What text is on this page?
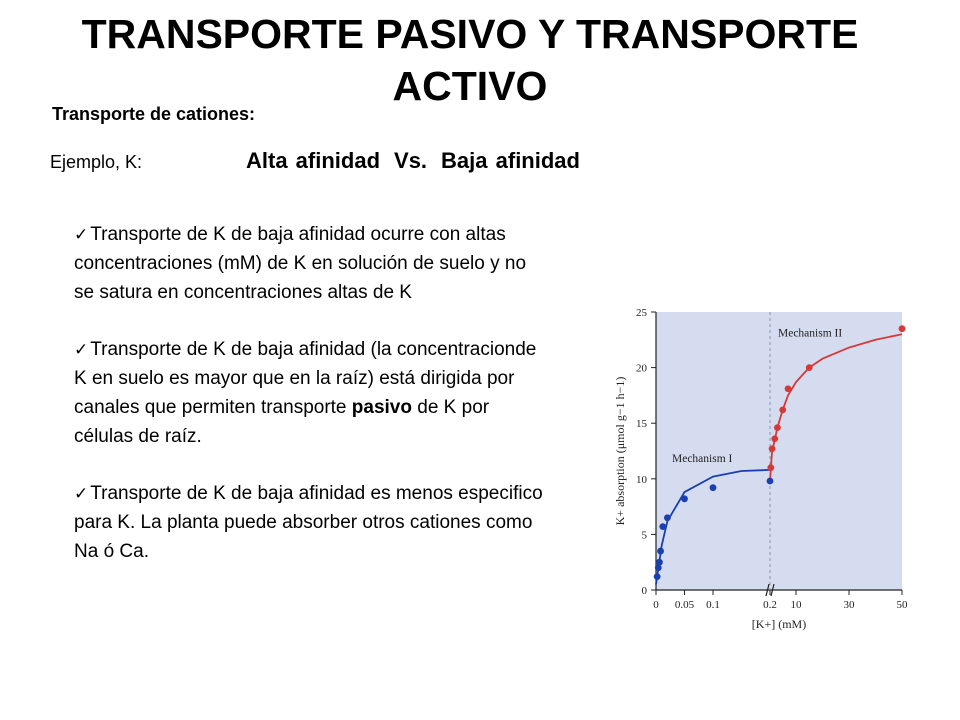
TRANSPORTE PASIVO Y TRANSPORTE ACTIVO
Transporte de cationes:
Ejemplo, K:	Alta afinidad Vs. Baja afinidad
✓ Transporte de K de baja afinidad ocurre con altas concentraciones (mM) de K en solución de suelo y no se satura en concentraciones altas de K
✓ Transporte de K de baja afinidad (la concentracionde K en suelo es mayor que en la raíz) está dirigida por canales que permiten transporte pasivo de K por células de raíz.
✓ Transporte de K de baja afinidad es menos especifico para K. La planta puede absorber otros cationes como Na ó Ca.
0
5
10
15
20
25
0 0.05 0.1	0.2 10	30	50
[K+] (mM)
K+ absorption (μmol g−1 h−1)	Mechanism I
Mechanism II
